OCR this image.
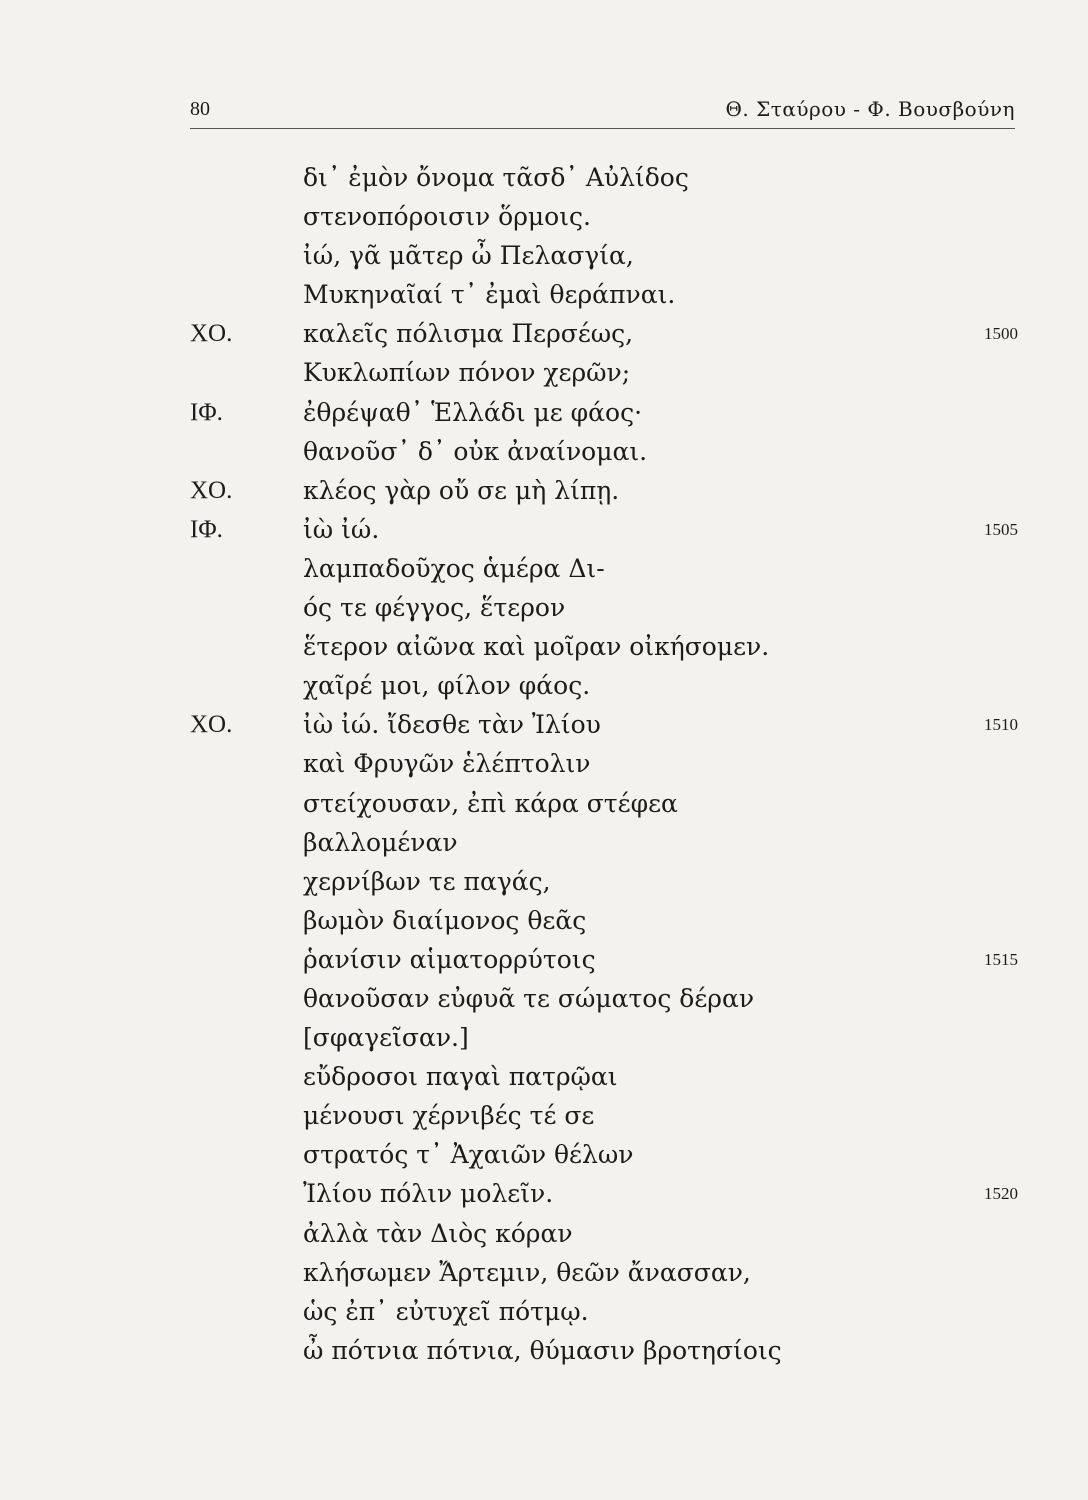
80	Θ. Σταύρου - Φ. Βουσβούνη
δι᾽ ἐμὸν ὄνομα τᾶσδ᾽ Αὐλίδος
στενοπόροισιν ὅρμοις.
ἰώ, γᾶ μᾶτερ ὦ Πελασγία,
Μυκηναῖαί τ᾽ ἐμαὶ θεράπναι.
ΧΟ.	καλεῖς πόλισμα Περσέως,	1500
Κυκλωπίων πόνον χερῶν;
ΙΦ.	ἐθρέψαθ᾽ Ἑλλάδι με φάος·
θανοῦσ᾽ δ᾽ οὐκ ἀναίνομαι.
ΧΟ.	κλέος γὰρ οὔ σε μὴ λίπῃ.
ΙΦ.	ἰὼ ἰώ.	1505
λαμπαδοῦχος ἁμέρα Δι-
ός τε φέγγος, ἕτερον
ἕτερον αἰῶνα καὶ μοῖραν οἰκήσομεν.
χαῖρέ μοι, φίλον φάος.
ΧΟ.	ἰὼ ἰώ. ἴδεσθε τὰν Ἰλίου	1510
καὶ Φρυγῶν ἑλέπτολιν
στείχουσαν, ἐπὶ κάρα στέφεα
βαλλομέναν
χερνίβων τε παγάς,
βωμὸν διαίμονος θεᾶς
ῥανίσιν αἱματορρύτοις	1515
θανοῦσαν εὐφυᾶ τε σώματος δέραν
[σφαγεῖσαν.]
εὔδροσοι παγαὶ πατρῷαι
μένουσι χέρνιβές τέ σε
στρατός τ᾽ Ἀχαιῶν θέλων
Ἰλίου πόλιν μολεῖν.	1520
ἀλλὰ τὰν Διὸς κόραν
κλήσωμεν Ἄρτεμιν, θεῶν ἄνασσαν,
ὡς ἐπ᾽ εὐτυχεῖ πότμῳ.
ὦ πότνια πότνια, θύμασιν βροτησίοις
